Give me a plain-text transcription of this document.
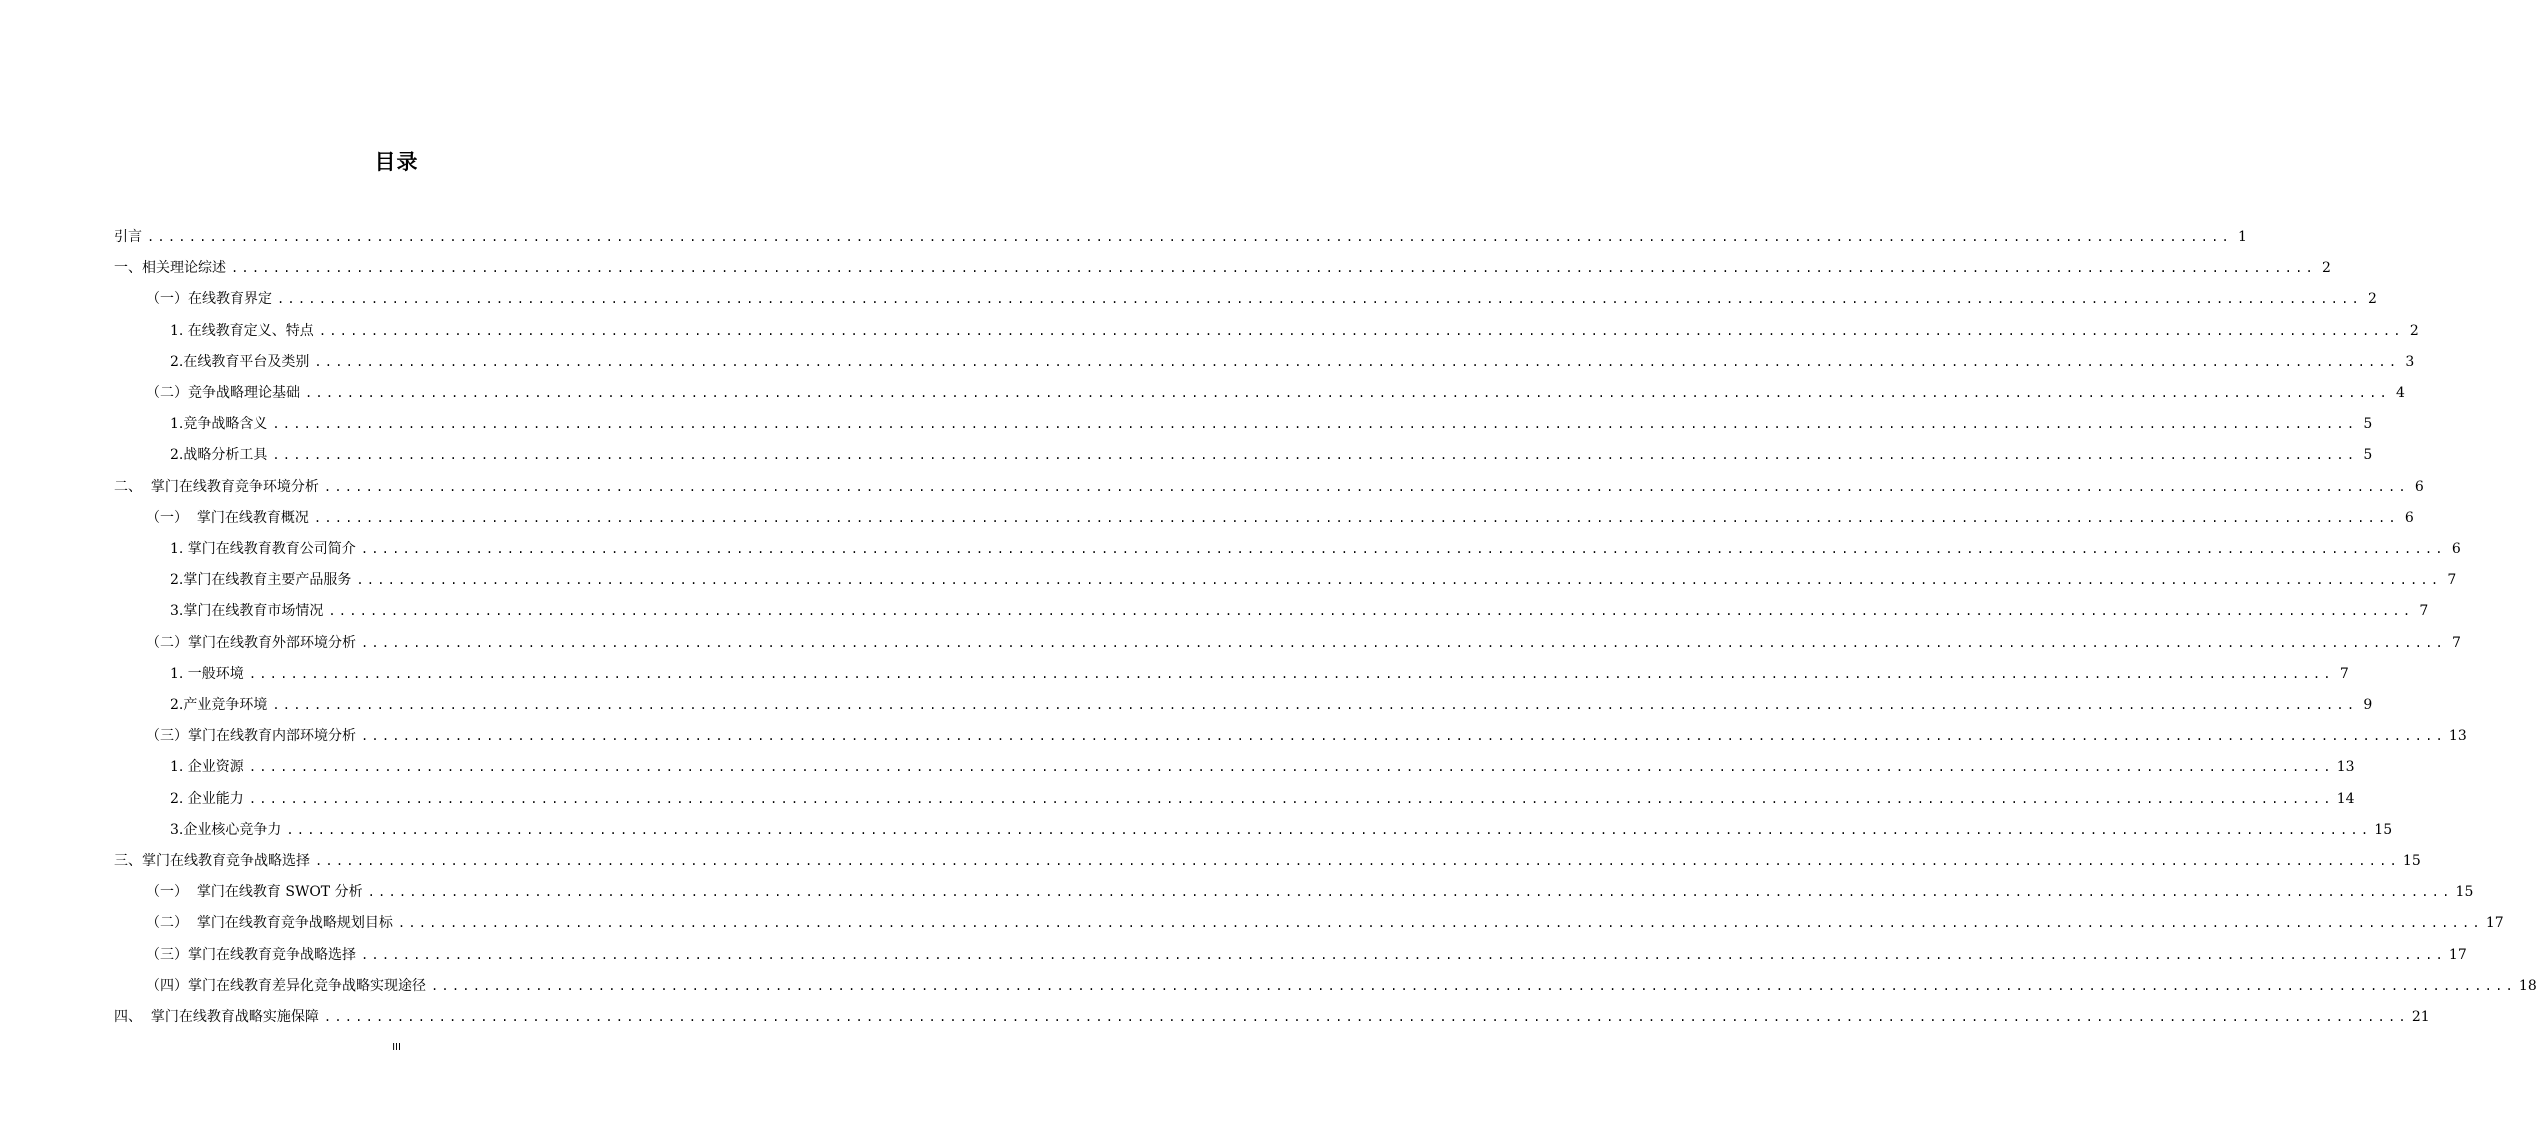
目录
引言 ........................................................................................................................................................................................................ 1
一、相关理论综述 ........................................................................................................................................................................................................ 2
（一）在线教育界定 ........................................................................................................................................................................................................ 2
1. 在线教育定义、特点 ........................................................................................................................................................................................................ 2
2.在线教育平台及类别 ........................................................................................................................................................................................................ 3
（二）竞争战略理论基础 ........................................................................................................................................................................................................ 4
1.竞争战略含义 ........................................................................................................................................................................................................ 5
2.战略分析工具 ........................................................................................................................................................................................................ 5
二、  掌门在线教育竞争环境分析 ........................................................................................................................................................................................................ 6
（一）  掌门在线教育概况 ........................................................................................................................................................................................................ 6
1. 掌门在线教育教育公司简介 ........................................................................................................................................................................................................ 6
2.掌门在线教育主要产品服务 ........................................................................................................................................................................................................ 7
3.掌门在线教育市场情况 ........................................................................................................................................................................................................ 7
（二）掌门在线教育外部环境分析 ........................................................................................................................................................................................................ 7
1. 一般环境 ........................................................................................................................................................................................................ 7
2.产业竞争环境 ........................................................................................................................................................................................................ 9
（三）掌门在线教育内部环境分析 ........................................................................................................................................................................................................ 13
1. 企业资源 ........................................................................................................................................................................................................ 13
2. 企业能力 ........................................................................................................................................................................................................ 14
3.企业核心竞争力 ........................................................................................................................................................................................................ 15
三、掌门在线教育竞争战略选择 ........................................................................................................................................................................................................ 15
（一）  掌门在线教育 SWOT 分析 ........................................................................................................................................................................................................ 15
（二）  掌门在线教育竞争战略规划目标 ........................................................................................................................................................................................................ 17
（三）掌门在线教育竞争战略选择 ........................................................................................................................................................................................................ 17
（四）掌门在线教育差异化竞争战略实现途径 ........................................................................................................................................................................................................ 18
四、  掌门在线教育战略实施保障 ........................................................................................................................................................................................................ 21
III
